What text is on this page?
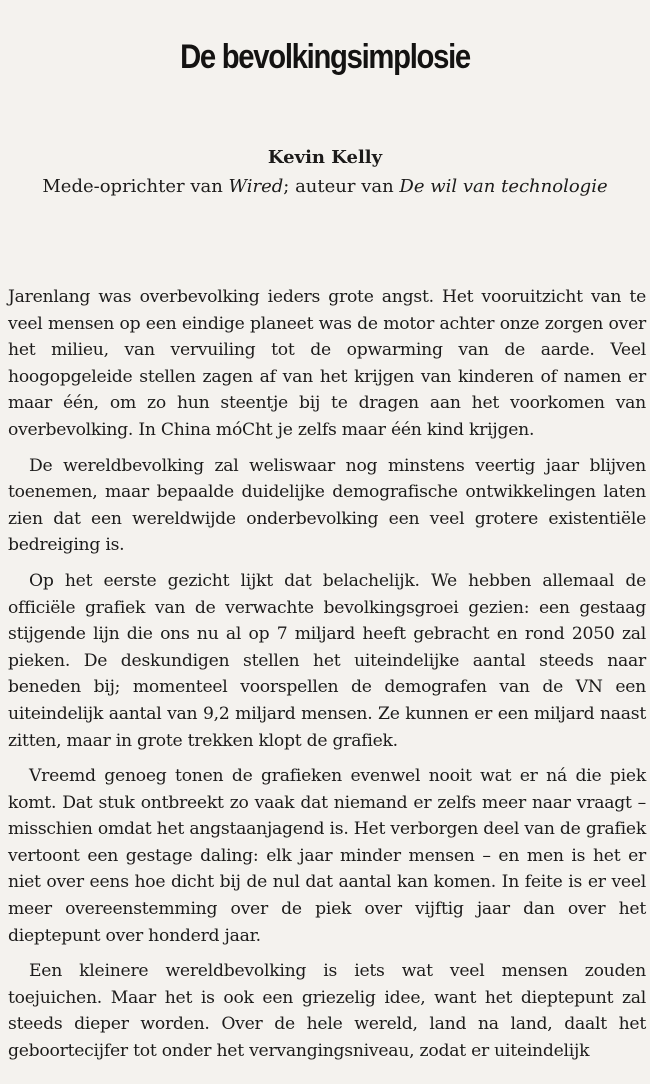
De bevolkingsimplosie
Kevin Kelly
Mede-oprichter van Wired; auteur van De wil van technologie

Jarenlang was overbevolking ieders grote angst. Het vooruitzicht van te veel mensen op een eindige planeet was de motor achter onze zorgen over het milieu, van vervuiling tot de opwarming van de aarde. Veel hoogopgeleide stellen zagen af van het krijgen van kinderen of namen er maar één, om zo hun steentje bij te dragen aan het voorkomen van overbevolking. In China móCht je zelfs maar één kind krijgen.

De wereldbevolking zal weliswaar nog minstens veertig jaar blijven toenemen, maar bepaalde duidelijke demografische ontwikkelingen laten zien dat een wereldwijde onderbevolking een veel grotere existentiële bedreiging is.

Op het eerste gezicht lijkt dat belachelijk. We hebben allemaal de officiële grafiek van de verwachte bevolkingsgroei gezien: een gestaag stijgende lijn die ons nu al op 7 miljard heeft gebracht en rond 2050 zal pieken. De deskundigen stellen het uiteindelijke aantal steeds naar beneden bij; momenteel voorspellen de demografen van de VN een uiteindelijk aantal van 9,2 miljard mensen. Ze kunnen er een miljard naast zitten, maar in grote trekken klopt de grafiek.

Vreemd genoeg tonen de grafieken evenwel nooit wat er ná die piek komt. Dat stuk ontbreekt zo vaak dat niemand er zelfs meer naar vraagt – misschien omdat het angstaanjagend is. Het verborgen deel van de grafiek vertoont een gestage daling: elk jaar minder mensen – en men is het er niet over eens hoe dicht bij de nul dat aantal kan komen. In feite is er veel meer overeenstemming over de piek over vijftig jaar dan over het dieptepunt over honderd jaar.

Een kleinere wereldbevolking is iets wat veel mensen zouden toejuichen. Maar het is ook een griezelig idee, want het dieptepunt zal steeds dieper worden. Over de hele wereld, land na land, daalt het geboortecijfer tot onder het vervangingsniveau, zodat er uiteindelijk
